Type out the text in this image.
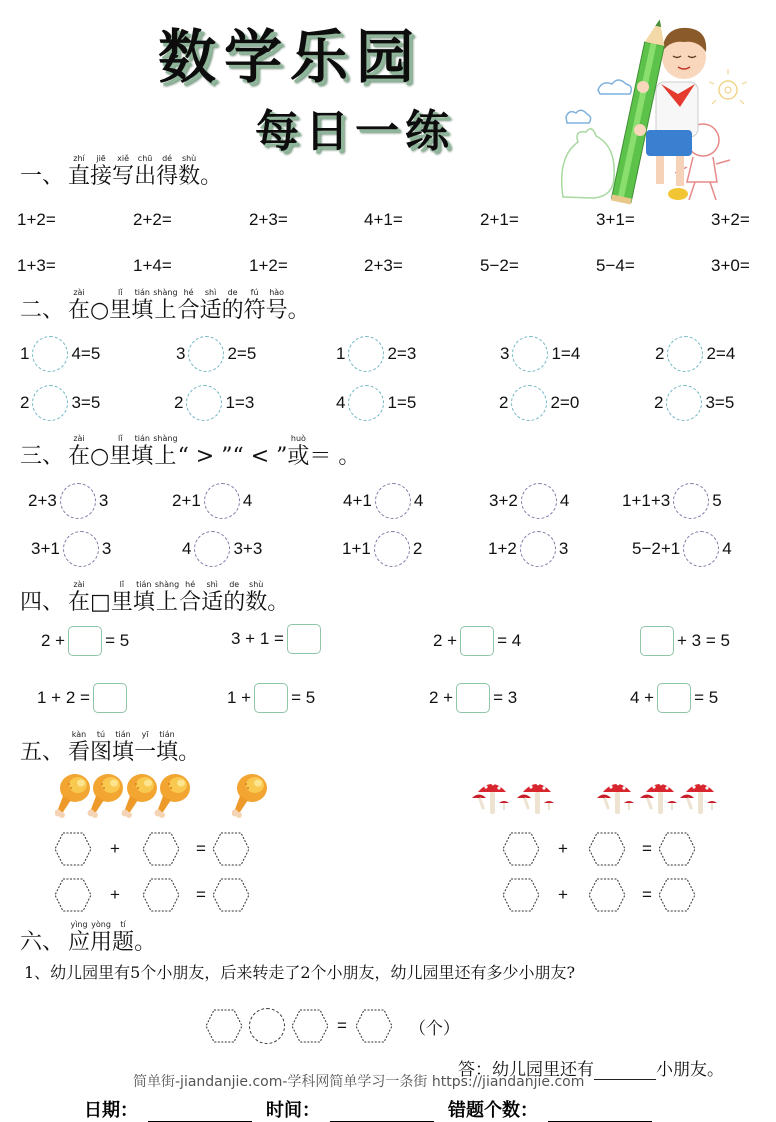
数学乐园
每日一练
一、
zhí
直
jiē
接
xiě
写
chū
出
dé
得
shù
数 。
1+2=	2+2=	2+3=	4+1=	2+1=	3+1=	3+2=
1+3=	1+4=	1+2=	2+3=	5−2=	5−4=	3+0=
二、
zài
在 ○
lǐ
里
tián
填
shàng
上
hé
合
shì
适
de
的
fú
符
hào
号 。
1 4=5	3 2=5	1 2=3	3 1=4	2 2=4
2 3=5	2 1=3	4 1=5	2 2=0	2 3=5
三、
zài
在 ○
lǐ
里
tián
填
shàng
上 “ > ”“ < ”
huò
或 ＝ 。
2+3 3	2+1 4	4+1 4	3+2 4	1+1+3 5
3+1 3	4 3+3	1+1 2	1+2 3	5−2+1 4
四、
zài
在 □
lǐ
里
tián
填
shàng
上
hé
合
shì
适
de
的
shù
数 。
2 + = 5	3 + 1 =	2 + = 4	+ 3 = 5
1 + 2 =	1 + = 5	2 + = 3	4 + = 5
五、
kàn
看
tú
图
tián
填
yī
一
tián
填 。
+	=
+	=
+	=
+	=
六、
yìng
应
yòng
用
tí
题 。
1、幼儿园里有5个小朋友，后来转走了2个小朋友，幼儿园里还有多少小朋友?
=	（个）
答：幼儿园里还有	小朋友。
简单街-jiandanjie.com-学科网简单学习一条街 https://jiandanjie.com
日期：	时间：	错题个数：
